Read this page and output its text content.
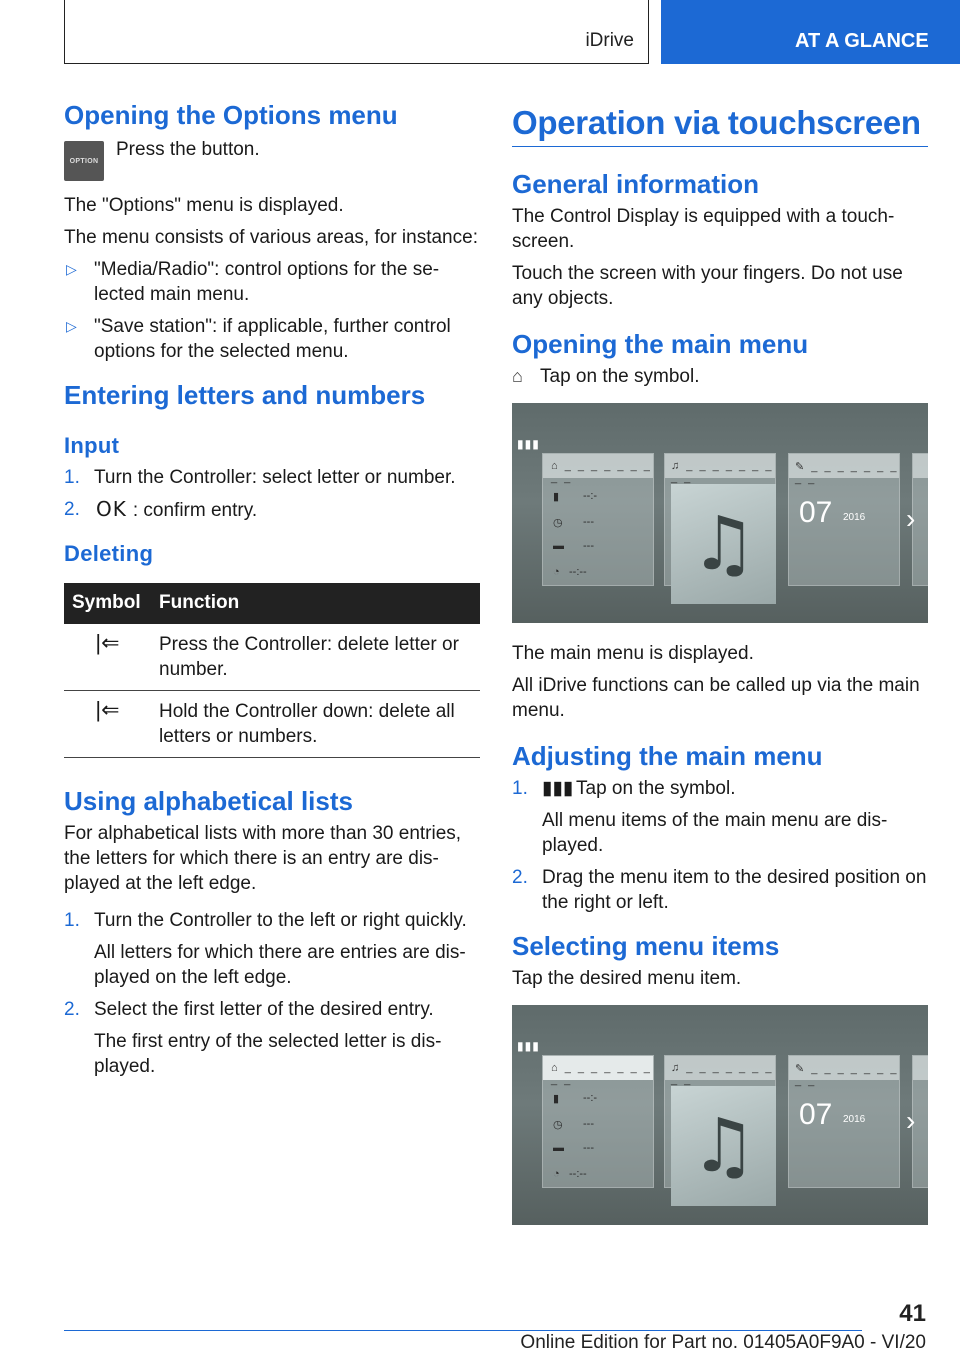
iDrive	AT A GLANCE
Opening the Options menu
OPTION

Press the button.

The "Options" menu is displayed.

The menu consists of various areas, for instance:

▷ "Media/Radio": control options for the se-lected main menu.
▷ "Save station": if applicable, further control options for the selected menu.
Entering letters and numbers
Input
1. Turn the Controller: select letter or number.
2. OK : confirm entry.
Deleting
Symbol	Function
|⇐	Press the Controller: delete letter or number.
|⇐	Hold the Controller down: delete all letters or numbers.
Using alphabetical lists

For alphabetical lists with more than 30 entries, the letters for which there is an entry are dis-played at the left edge.

1. Turn the Controller to the left or right quickly.
All letters for which there are entries are dis-played on the left edge.
2. Select the first letter of the desired entry.
The first entry of the selected letter is dis-played.
Operation via touchscreen
General information

The Control Display is equipped with a touch-screen.

Touch the screen with your fingers. Do not use any objects.

Opening the main menu

⌂ Tap on the symbol.

▮▮▮
⌂ _ _ _ _ _ _ _ _ _
▮ --:-
◷ ---
▬ ---
◔ --:--
♫ _ _ _ _ _ _ _ _ _
♫
✎ _ _ _ _ _ _ _ _ _
07 2016 ›

The main menu is displayed.

All iDrive functions can be called up via the main menu.

Adjusting the main menu
1. ▮▮▮ Tap on the symbol.
All menu items of the main menu are dis-played.
2. Drag the menu item to the desired position on the right or left.
Selecting menu items

Tap the desired menu item.

▮▮▮
⌂ _ _ _ _ _ _ _ _ _
▮ --:-
◷ ---
▬ ---
◔ --:--
♫ _ _ _ _ _ _ _ _ _
♫
✎ _ _ _ _ _ _ _ _ _
07 2016 ›
41
Online Edition for Part no. 01405A0F9A0 - VI/20
